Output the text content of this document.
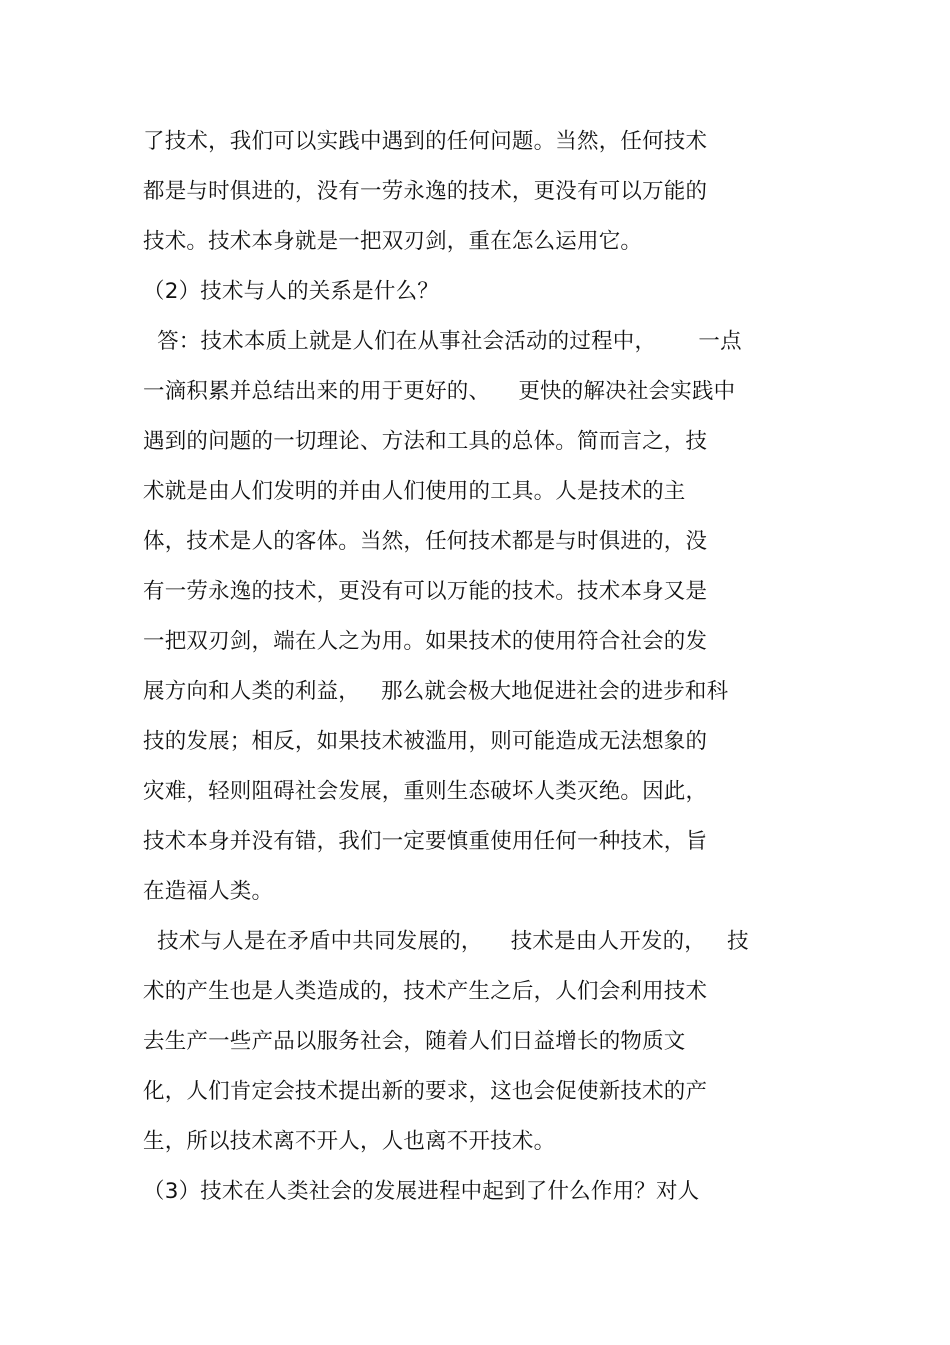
了技术，我们可以实践中遇到的任何问题。当然，任何技术
都是与时俱进的，没有一劳永逸的技术，更没有可以万能的
技术。技术本身就是一把双刃剑，重在怎么运用它。
（2）技术与人的关系是什么？
答：技术本质上就是人们在从事社会活动的过程中，      一点
一滴积累并总结出来的用于更好的、    更快的解决社会实践中
遇到的问题的一切理论、方法和工具的总体。简而言之，技
术就是由人们发明的并由人们使用的工具。人是技术的主
体，技术是人的客体。当然，任何技术都是与时俱进的，没
有一劳永逸的技术，更没有可以万能的技术。技术本身又是
一把双刃剑，端在人之为用。如果技术的使用符合社会的发
展方向和人类的利益，   那么就会极大地促进社会的进步和科
技的发展；相反，如果技术被滥用，则可能造成无法想象的
灾难，轻则阻碍社会发展，重则生态破坏人类灭绝。因此，
技术本身并没有错，我们一定要慎重使用任何一种技术，旨
在造福人类。
技术与人是在矛盾中共同发展的，    技术是由人开发的，   技
术的产生也是人类造成的，技术产生之后，人们会利用技术
去生产一些产品以服务社会，随着人们日益增长的物质文
化，人们肯定会技术提出新的要求，这也会促使新技术的产
生，所以技术离不开人，人也离不开技术。
（3）技术在人类社会的发展进程中起到了什么作用？对人
